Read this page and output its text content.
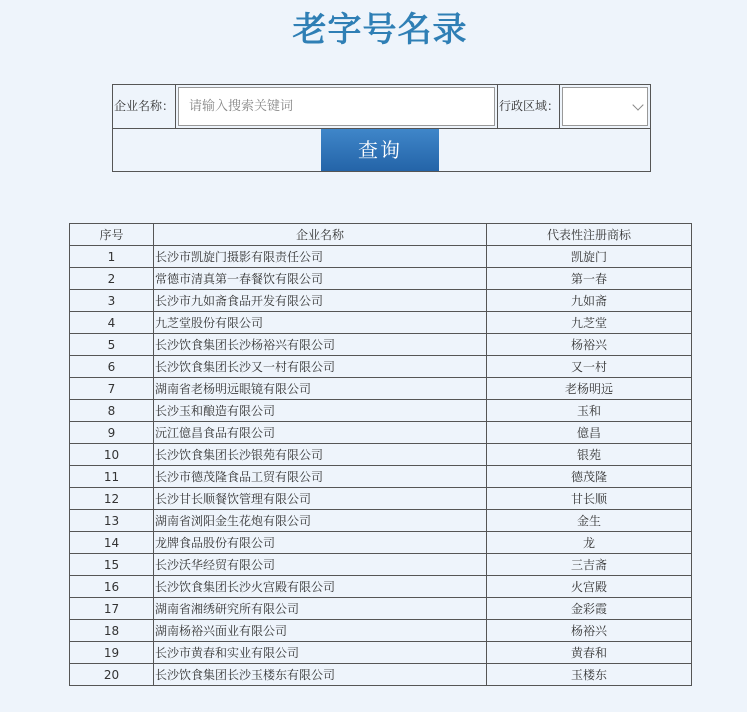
老字号名录
企业名称：
请输入搜索关键词	行政区域：
查询
序号	企业名称	代表性注册商标
1	长沙市凯旋门摄影有限责任公司	凯旋门
2	常德市清真第一春餐饮有限公司	第一春
3	长沙市九如斋食品开发有限公司	九如斋
4	九芝堂股份有限公司	九芝堂
5	长沙饮食集团长沙杨裕兴有限公司	杨裕兴
6	长沙饮食集团长沙又一村有限公司	又一村
7	湖南省老杨明远眼镜有限公司	老杨明远
8	长沙玉和酿造有限公司	玉和
9	沅江億昌食品有限公司	億昌
10	长沙饮食集团长沙银苑有限公司	银苑
11	长沙市德茂隆食品工贸有限公司	德茂隆
12	长沙甘长顺餐饮管理有限公司	甘长顺
13	湖南省浏阳金生花炮有限公司	金生
14	龙牌食品股份有限公司	龙
15	长沙沃华经贸有限公司	三吉斋
16	长沙饮食集团长沙火宫殿有限公司	火宫殿
17	湖南省湘绣研究所有限公司	金彩霞
18	湖南杨裕兴面业有限公司	杨裕兴
19	长沙市黄春和实业有限公司	黄春和
20	长沙饮食集团长沙玉楼东有限公司	玉楼东
